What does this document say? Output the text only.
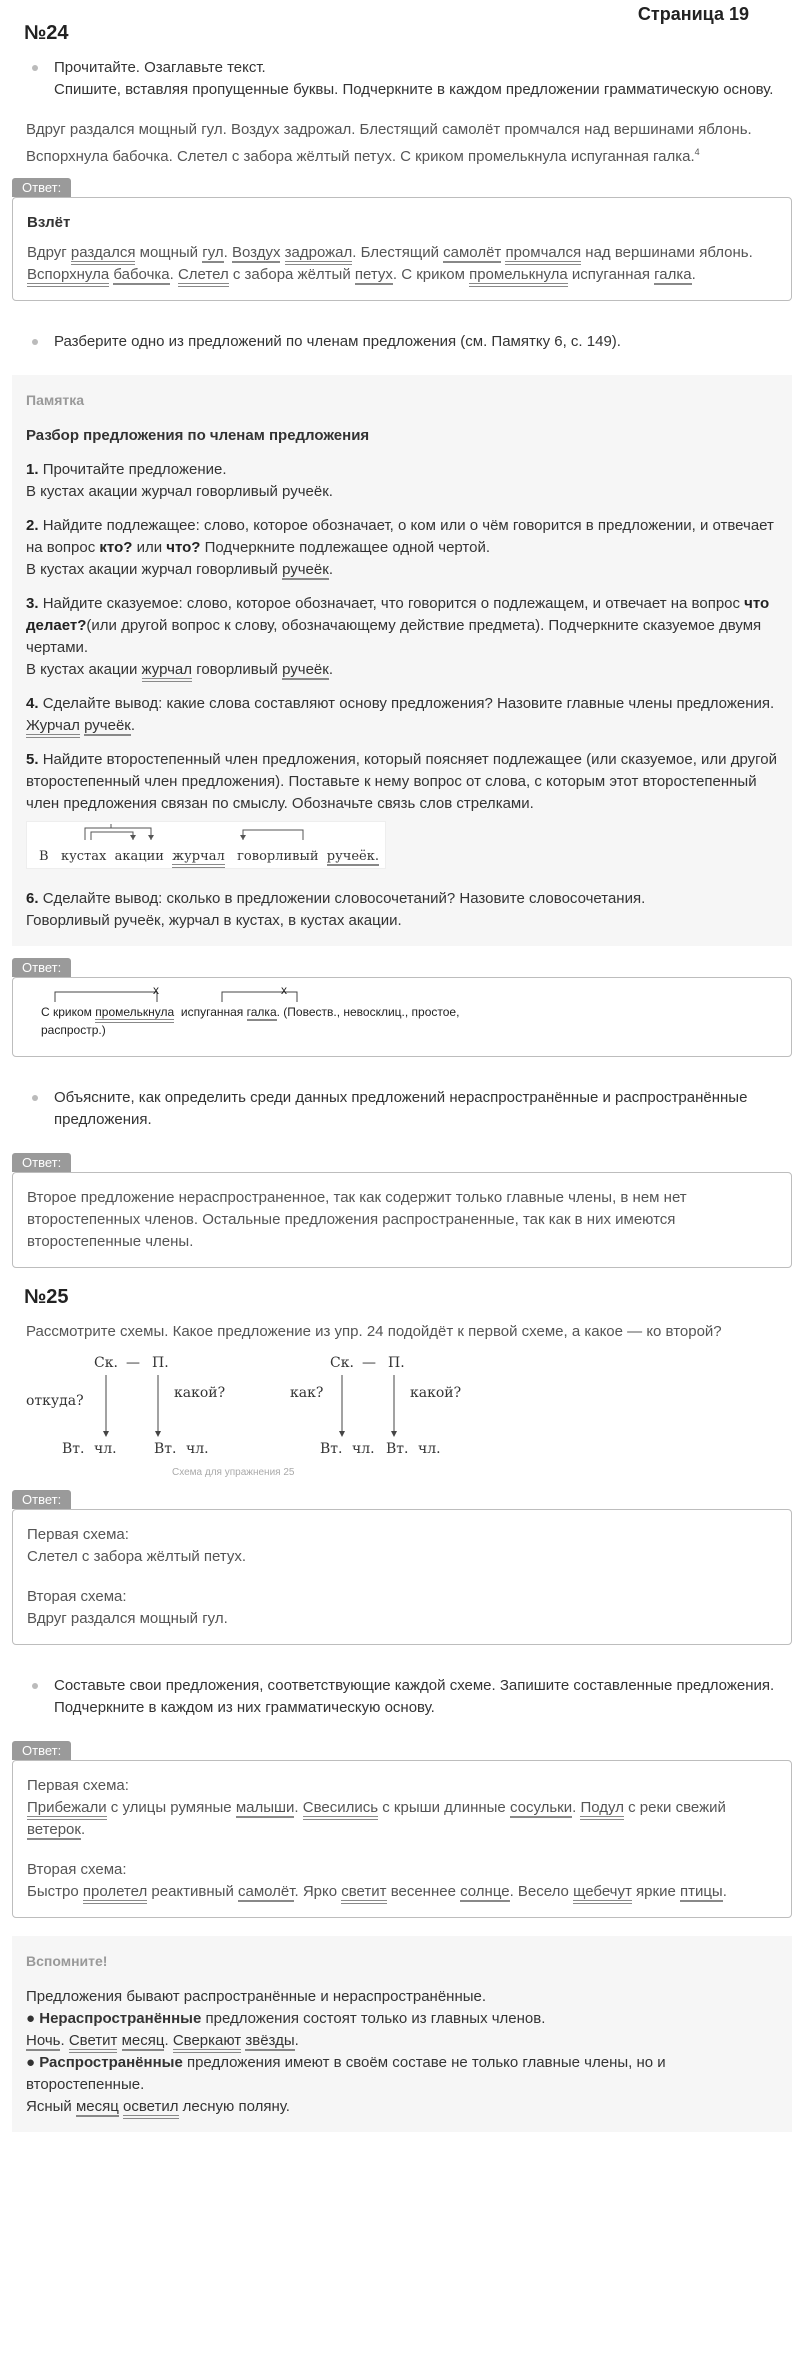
Страница 19
№24
Прочитайте. Озаглавьте текст.
Спишите, вставляя пропущенные буквы. Подчеркните в каждом предложении грамматическую основу.
Вдруг раздался мощный гул. Воздух задрожал. Блестящий самолёт промчался над вершинами яблонь. Вспорхнула бабочка. Слетел с забора жёлтый петух. С криком промелькнула испуганная галка.$^4$
Ответ:

Взлёт

Вдруг раздался мощный гул. Воздух задрожал. Блестящий самолёт промчался над вершинами яблонь. Вспорхнула бабочка. Слетел с забора жёлтый петух. С криком промелькнула испуганная галка.

Разберите одно из предложений по членам предложения (см. Памятку 6, с. 149).
Памятка
Разбор предложения по членам предложения
1. Прочитайте предложение.
В кустах акации журчал говорливый ручеёк.
2. Найдите подлежащее: слово, которое обозначает, о ком или о чём говорится в предложении, и отвечает на вопрос кто? или что? Подчеркните подлежащее одной чертой.
В кустах акации журчал говорливый ручеёк.
3. Найдите сказуемое: слово, которое обозначает, что говорится о подлежащем, и отвечает на вопрос что делает?(или другой вопрос к слову, обозначающему действие предмета). Подчеркните сказуемое двумя чертами.
В кустах акации журчал говорливый ручеёк.
4. Сделайте вывод: какие слова составляют основу предложения? Назовите главные члены предложения.
Журчал ручеёк.
5. Найдите второстепенный член предложения, который поясняет подлежащее (или сказуемое, или другой второстепенный член предложения). Поставьте к нему вопрос от слова, с которым этот второстепенный член предложения связан по смыслу. Обозначьте связь слов стрелками.
В кустах акации журчал говорливый ручеёк.
6. Сделайте вывод: сколько в предложении словосочетаний? Назовите словосочетания.
Говорливый ручеёк, журчал в кустах, в кустах акации.
Ответ:
x	x
С криком промелькнула испуганная галка. (Повеств., невосклиц., простое,
распростр.)
Объясните, как определить среди данных предложений нераспространённые и распространённые предложения.
Ответ:

Второе предложение нераспространенное, так как содержит только главные члены, в нем нет второстепенных членов. Остальные предложения распространенные, так как в них имеются второстепенные члены.

№25
Рассмотрите схемы. Какое предложение из упр. 24 подойдёт к первой схеме, а какое — ко второй?
Ск. — П.
откуда?	какой?
Вт. чл.	Вт. чл.
Ск. — П.
как?	какой?
Вт. чл. Вт. чл.
Схема для упражнения 25
Ответ:

Первая схема:

Слетел с забора жёлтый петух.

Вторая схема:

Вдруг раздался мощный гул.

Составьте свои предложения, соответствующие каждой схеме. Запишите составленные предложения. Подчеркните в каждом из них грамматическую основу.
Ответ:

Первая схема:

Прибежали с улицы румяные малыши. Свесились с крыши длинные сосульки. Подул с реки свежий ветерок.

Вторая схема:

Быстро пролетел реактивный самолёт. Ярко светит весеннее солнце. Весело щебечут яркие птицы.

Вспомните!
Предложения бывают распространённые и нераспространённые.
● Нераспространённые предложения состоят только из главных членов.
Ночь. Светит месяц. Сверкают звёзды.
● Распространённые предложения имеют в своём составе не только главные члены, но и второстепенные.
Ясный месяц осветил лесную поляну.
